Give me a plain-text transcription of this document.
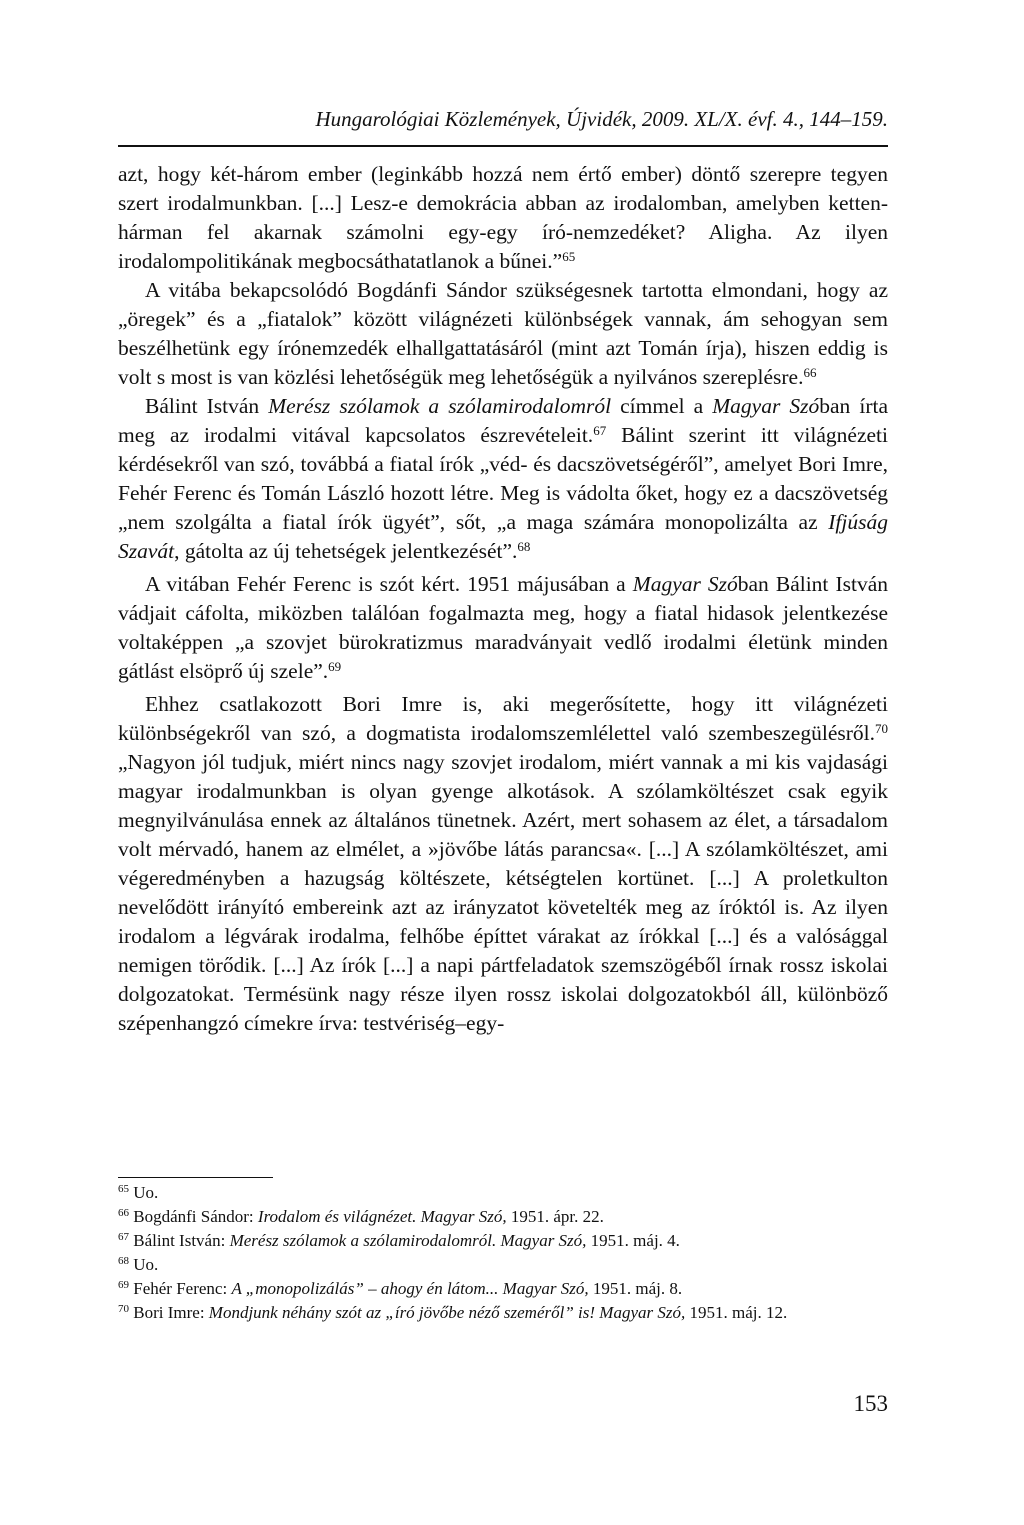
Hungarológiai Közlemények, Újvidék, 2009. XL/X. évf. 4., 144–159.

azt, hogy két-három ember (leginkább hozzá nem értő ember) döntő szerepre tegyen szert irodalmunkban. [...] Lesz-e demokrácia abban az irodalomban, amelyben ketten-hárman fel akarnak számolni egy-egy író-nemzedéket? Aligha. Az ilyen irodalompolitikának megbocsáthatatlanok a bűnei.”$^{65}$

A vitába bekapcsolódó Bogdánfi Sándor szükségesnek tartotta elmondani, hogy az „öregek” és a „fiatalok” között világnézeti különbségek vannak, ám sehogyan sem beszélhetünk egy írónemzedék elhallgattatásáról (mint azt Tomán írja), hiszen eddig is volt s most is van közlési lehetőségük meg lehetőségük a nyilvános szereplésre.$^{66}$

Bálint István Merész szólamok a szólamirodalomról címmel a Magyar Szóban írta meg az irodalmi vitával kapcsolatos észrevételeit.$^{67}$ Bálint szerint itt világnézeti kérdésekről van szó, továbbá a fiatal írók „véd- és dacszövetségéről”, amelyet Bori Imre, Fehér Ferenc és Tomán László hozott létre. Meg is vádolta őket, hogy ez a dacszövetség „nem szolgálta a fiatal írók ügyét”, sőt, „a maga számára monopolizálta az Ifjúság Szavát, gátolta az új tehetségek jelentkezését”.$^{68}$

A vitában Fehér Ferenc is szót kért. 1951 májusában a Magyar Szóban Bálint István vádjait cáfolta, miközben találóan fogalmazta meg, hogy a fiatal hidasok jelentkezése voltaképpen „a szovjet bürokratizmus maradványait vedlő irodalmi életünk minden gátlást elsöprő új szele”.$^{69}$

Ehhez csatlakozott Bori Imre is, aki megerősítette, hogy itt világnézeti különbségekről van szó, a dogmatista irodalomszemlélettel való szembeszegülésről.$^{70}$ „Nagyon jól tudjuk, miért nincs nagy szovjet irodalom, miért vannak a mi kis vajdasági magyar irodalmunkban is olyan gyenge alkotások. A szólamköltészet csak egyik megnyilvánulása ennek az általános tünetnek. Azért, mert sohasem az élet, a társadalom volt mérvadó, hanem az elmélet, a »jövőbe látás parancsa«. [...] A szólamköltészet, ami végeredményben a hazugság költészete, kétségtelen kortünet. [...] A proletkulton nevelődött irányító embereink azt az irányzatot követelték meg az íróktól is. Az ilyen irodalom a légvárak irodalma, felhőbe építtet várakat az írókkal [...] és a valósággal nemigen törődik. [...] Az írók [...] a napi pártfeladatok szemszögéből írnak rossz iskolai dolgozatokat. Termésünk nagy része ilyen rossz iskolai dolgozatokból áll, különböző szépenhangzó címekre írva: testvériség–egy-

$^{65}$ Uo.

$^{66}$ Bogdánfi Sándor: Irodalom és világnézet. Magyar Szó, 1951. ápr. 22.

$^{67}$ Bálint István: Merész szólamok a szólamirodalomról. Magyar Szó, 1951. máj. 4.

$^{68}$ Uo.

$^{69}$ Fehér Ferenc: A „monopolizálás” – ahogy én látom... Magyar Szó, 1951. máj. 8.

$^{70}$ Bori Imre: Mondjunk néhány szót az „író jövőbe néző szeméről” is! Magyar Szó, 1951. máj. 12.

153
